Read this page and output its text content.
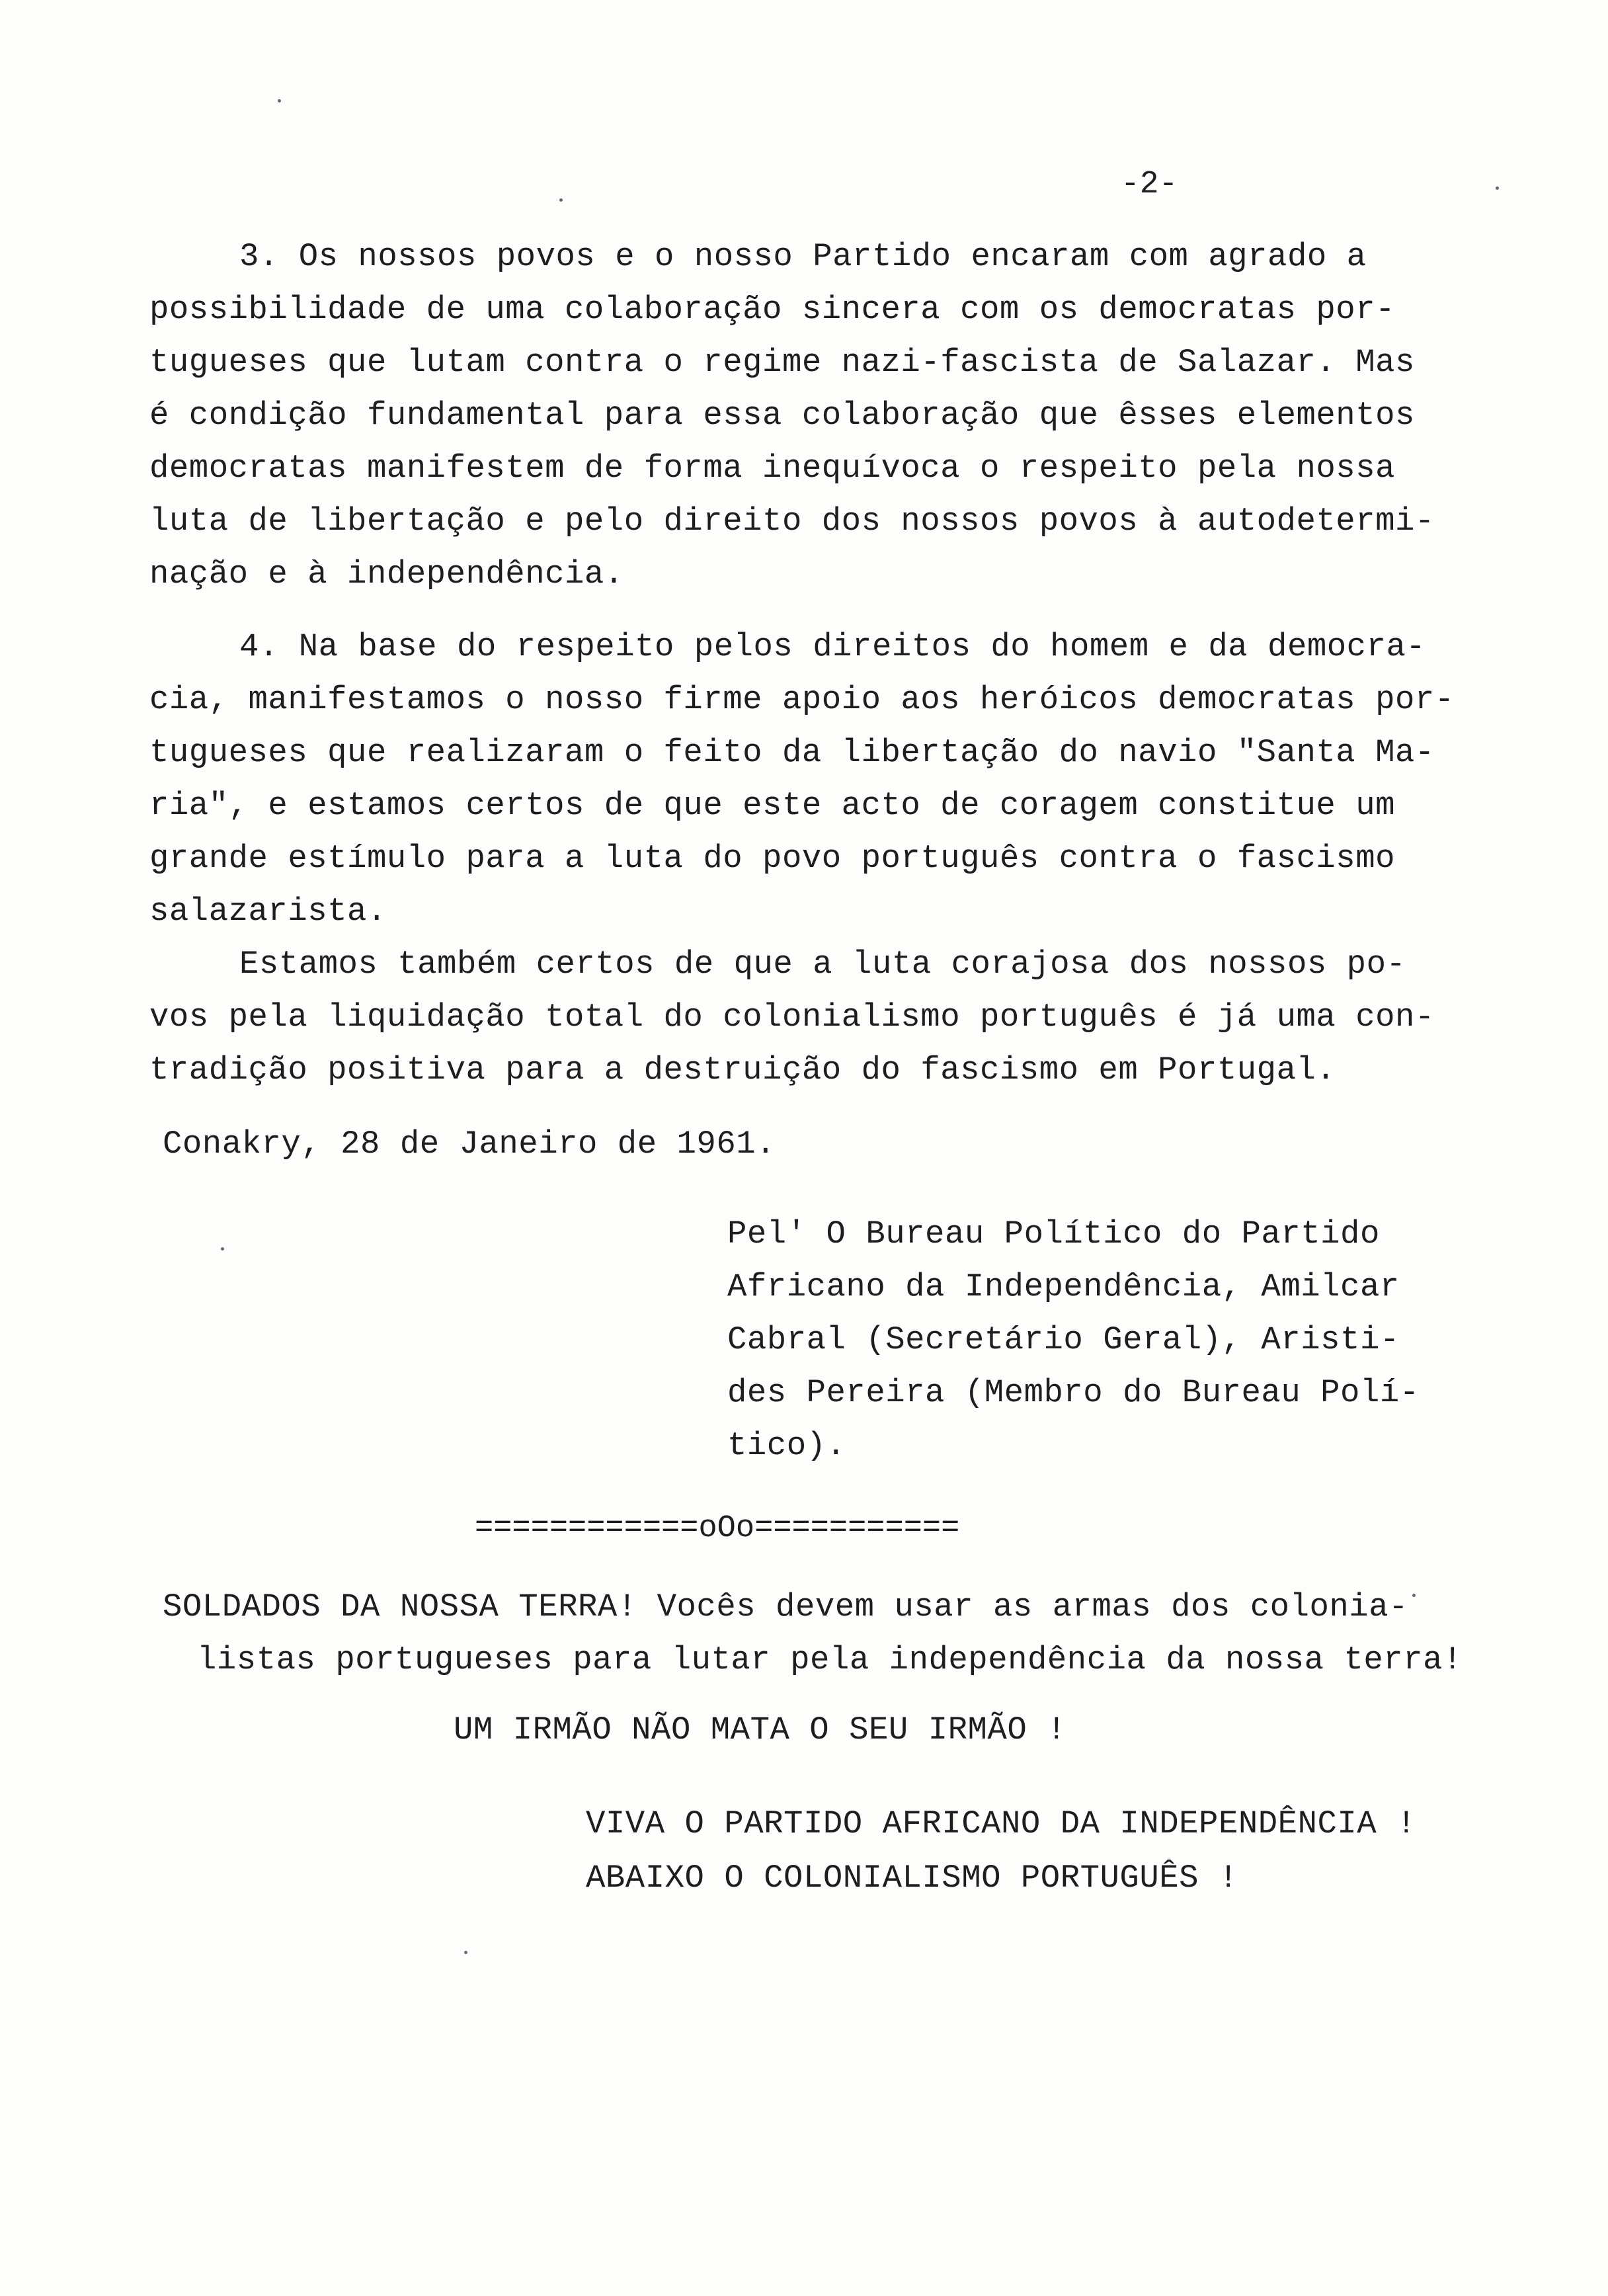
-2-
3. Os nossos povos e o nosso Partido encaram com agrado a
possibilidade de uma colaboração sincera com os democratas por-
tugueses que lutam contra o regime nazi-fascista de Salazar. Mas
é condição fundamental para essa colaboração que êsses elementos
democratas manifestem de forma inequívoca o respeito pela nossa
luta de libertação e pelo direito dos nossos povos à autodetermi-
nação e à independência.
4. Na base do respeito pelos direitos do homem e da democra-
cia, manifestamos o nosso firme apoio aos heróicos democratas por-
tugueses que realizaram o feito da libertação do navio "Santa Ma-
ria", e estamos certos de que este acto de coragem constitue um
grande estímulo para a luta do povo português contra o fascismo
salazarista.
Estamos também certos de que a luta corajosa dos nossos po-
vos pela liquidação total do colonialismo português é já uma con-
tradição positiva para a destruição do fascismo em Portugal.
Conakry, 28 de Janeiro de 1961.
Pel' O Bureau Político do Partido
Africano da Independência, Amilcar
Cabral (Secretário Geral), Aristi-
des Pereira (Membro do Bureau Polí-
tico).
============oOo===========
SOLDADOS DA NOSSA TERRA! Vocês devem usar as armas dos colonia-
listas portugueses para lutar pela independência da nossa terra!
UM IRMÃO NÃO MATA O SEU IRMÃO !
VIVA O PARTIDO AFRICANO DA INDEPENDÊNCIA !
ABAIXO O COLONIALISMO PORTUGUÊS !
